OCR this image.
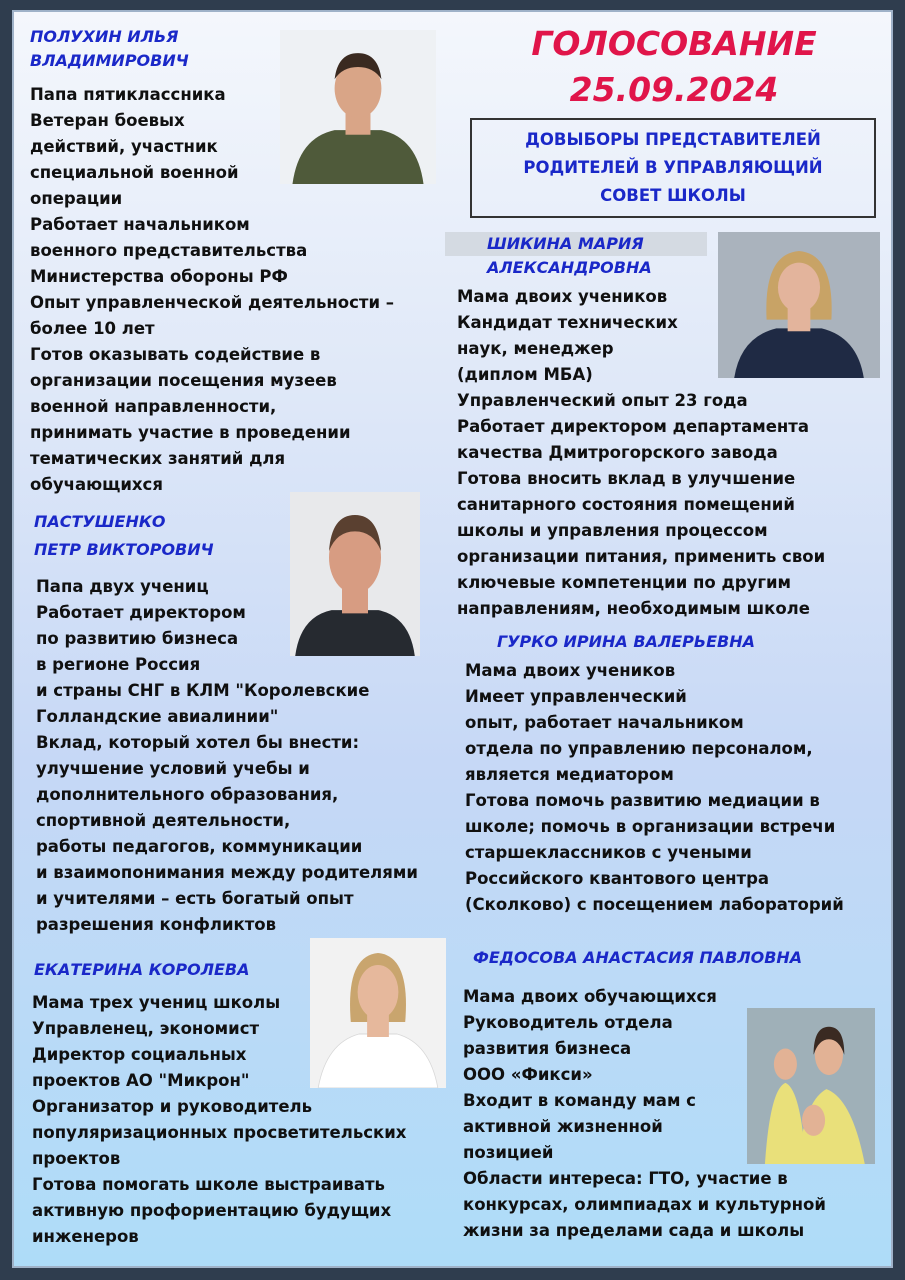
ГОЛОСОВАНИЕ
25.09.2024
ДОВЫБОРЫ ПРЕДСТАВИТЕЛЕЙ
РОДИТЕЛЕЙ В УПРАВЛЯЮЩИЙ
СОВЕТ ШКОЛЫ
ПОЛУХИН ИЛЬЯ
ВЛАДИМИРОВИЧ
Папа пятиклассника
Ветеран боевых
действий, участник
специальной военной
операции
Работает начальником
военного представительства
Министерства обороны РФ
Опыт управленческой деятельности –
более 10 лет
Готов оказывать содействие в
организации посещения музеев
военной направленности,
принимать участие в проведении
тематических занятий для
обучающихся
ШИКИНА МАРИЯ
АЛЕКСАНДРОВНА
Мама двоих учеников
Кандидат технических
наук, менеджер
(диплом МБА)
Управленческий опыт 23 года
Работает директором департамента
качества Дмитрогорского завода
Готова вносить вклад в улучшение
санитарного состояния помещений
школы и управления процессом
организации питания, применить свои
ключевые компетенции по другим
направлениям, необходимым школе
ПАСТУШЕНКО
ПЕТР ВИКТОРОВИЧ
Папа двух учениц
Работает директором
по развитию бизнеса
в регионе Россия
и страны СНГ в КЛМ "Королевские
Голландские авиалинии"
Вклад, который хотел бы внести:
улучшение условий учебы и
дополнительного образования,
спортивной деятельности,
работы педагогов, коммуникации
и взаимопонимания между родителями
и учителями – есть богатый опыт
разрешения конфликтов
ГУРКО ИРИНА ВАЛЕРЬЕВНА
Мама двоих учеников
Имеет управленческий
опыт, работает начальником
отдела по управлению персоналом,
является медиатором
Готова помочь развитию медиации в
школе; помочь в организации встречи
старшеклассников с учеными
Российского квантового центра
(Сколково) с посещением лабораторий
ЕКАТЕРИНА КОРОЛЕВА
Мама трех учениц школы
Управленец, экономист
Директор социальных
проектов АО "Микрон"
Организатор и руководитель
популяризационных просветительских
проектов
Готова помогать школе выстраивать
активную профориентацию будущих
инженеров
ФЕДОСОВА АНАСТАСИЯ ПАВЛОВНА
Мама двоих обучающихся
Руководитель отдела
развития бизнеса
ООО «Фикси»
Входит в команду мам с
активной жизненной
позицией
Области интереса: ГТО, участие в
конкурсах, олимпиадах и культурной
жизни за пределами сада и школы
